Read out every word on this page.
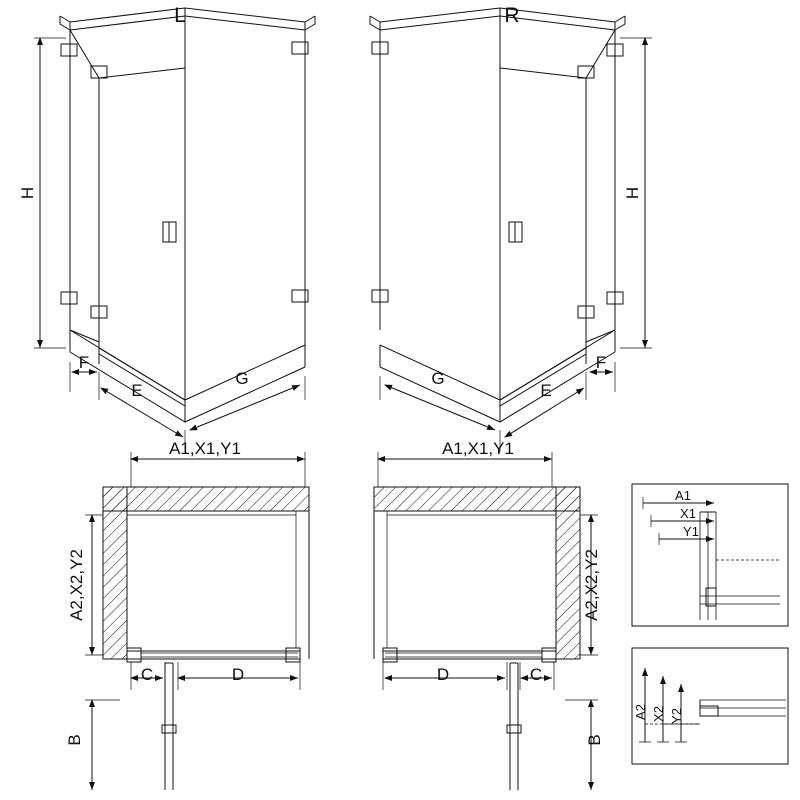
L	R
H	H
F
E
G	G
E
F
A1,X1,Y1	A1,X1,Y1
A2,X2,Y2	A2,X2,Y2
C	D	D	C
B	B
A1
X1
Y1
A2 X2 Y2
